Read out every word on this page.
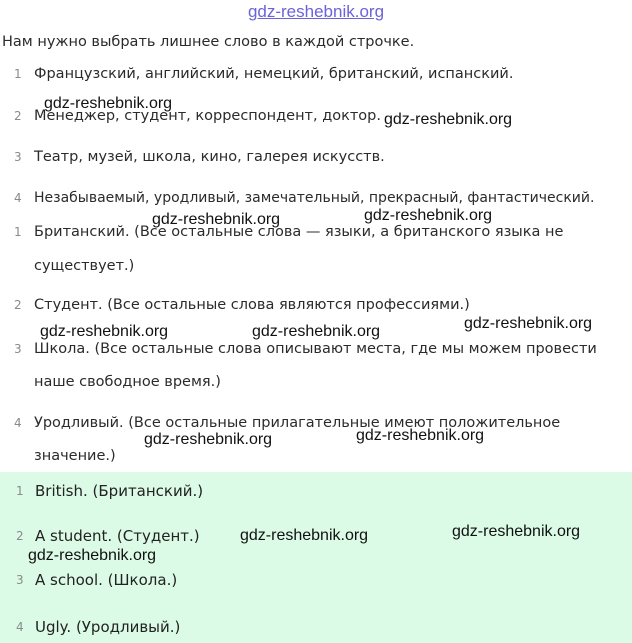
gdz-reshebnik.org
Нам нужно выбрать лишнее слово в каждой строчке.
1 Французский, английский, немецкий, британский, испанский.
2 Менеджер, студент, корреспондент, доктор.
3 Театр, музей, школа, кино, галерея искусств.
4 Незабываемый, уродливый, замечательный, прекрасный, фантастический.
1 Британский. (Все остальные слова — языки, а британского языка не
существует.)
2 Студент. (Все остальные слова являются профессиями.)
3 Школа. (Все остальные слова описывают места, где мы можем провести
наше свободное время.)
4 Уродливый. (Все остальные прилагательные имеют положительное
значение.)
1 British. (Британский.)
2 A student. (Студент.)
3 A school. (Школа.)
4 Ugly. (Уродливый.)
gdz-reshebnik.org
gdz-reshebnik.org
gdz-reshebnik.org	gdz-reshebnik.org
gdz-reshebnik.org	gdz-reshebnik.org	gdz-reshebnik.org
gdz-reshebnik.org	gdz-reshebnik.org
gdz-reshebnik.org	gdz-reshebnik.org
gdz-reshebnik.org
